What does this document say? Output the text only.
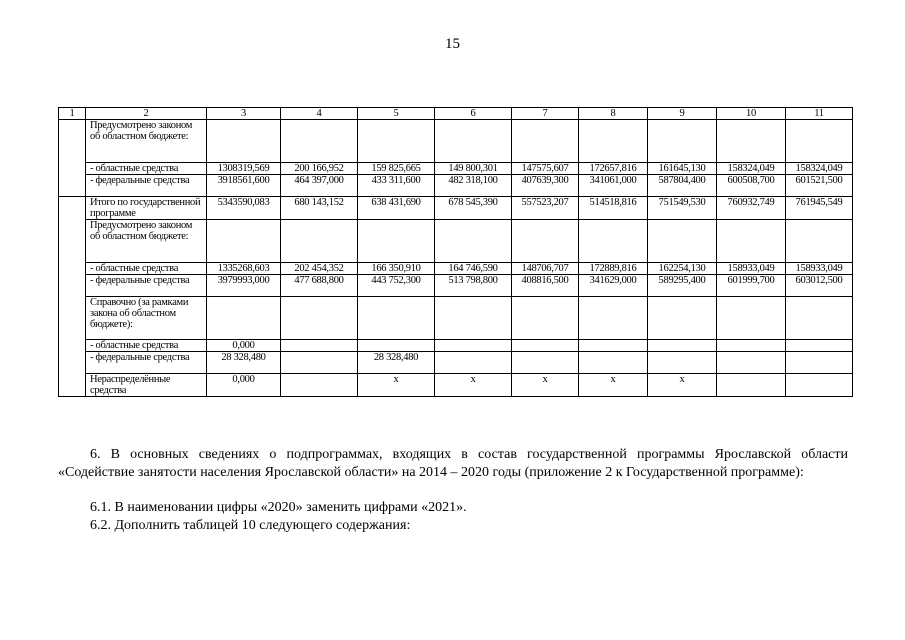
15
1	2	3	4	5	6	7	8	9	10	11
	Предусмотрено законом об областном бюджете:									
	- областные средства	1308319,569	200 166,952	159 825,665	149 800,301	147575,607	172657,816	161645,130	158324,049	158324,049
	- федеральные средства	3918561,600	464 397,000	433 311,600	482 318,100	407639,300	341061,000	587804,400	600508,700	601521,500
	Итого по государственной программе	5343590,083	680 143,152	638 431,690	678 545,390	557523,207	514518,816	751549,530	760932,749	761945,549
	Предусмотрено законом об областном бюджете:									
	- областные средства	1335268,603	202 454,352	166 350,910	164 746,590	148706,707	172889,816	162254,130	158933,049	158933,049
	- федеральные средства	3979993,000	477 688,800	443 752,300	513 798,800	408816,500	341629,000	589295,400	601999,700	603012,500
	Справочно (за рамками закона об областном бюджете):									
	- областные средства	0,000								
	- федеральные средства	28 328,480		28 328,480						
	Нераспределённые средства	0,000		х	х	х	х	х		
6. В основных сведениях о подпрограммах, входящих в состав государственной программы Ярославской области «Содействие занятости населения Ярославской области» на 2014 – 2020 годы (приложение 2 к Государственной программе):
6.1. В наименовании цифры «2020» заменить цифрами «2021».
6.2. Дополнить таблицей 10 следующего содержания:
